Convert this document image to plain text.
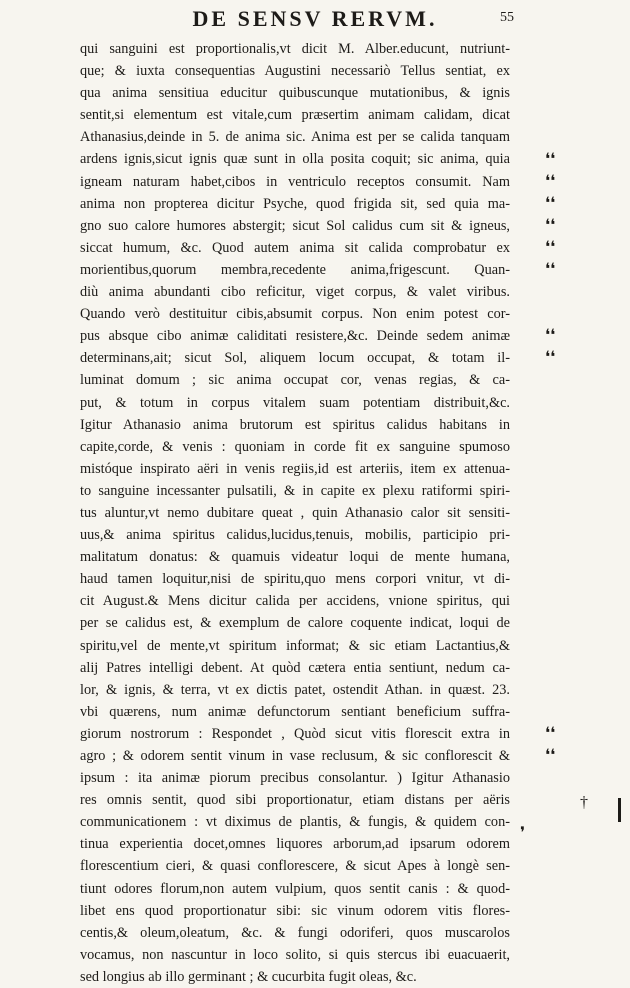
DE SENSV RERVM.	55
qui sanguini est proportionalis,vt dicit M. Alber.educunt, nutriunt-
que; & iuxta consequentias Augustini necessariò Tellus sentiat, ex
qua anima sensitiua educitur quibuscunque mutationibus, & ignis
sentit,si elementum est vitale,cum præsertim animam calidam, dicat
Athanasius,deinde in 5. de anima sic. Anima est per se calida tanquam
ardens ignis,sicut ignis quæ sunt in olla posita coquit; sic anima, quia
igneam naturam habet,cibos in ventriculo receptos consumit. Nam
anima non propterea dicitur Psyche, quod frigida sit, sed quia ma-
gno suo calore humores abstergit; sicut Sol calidus cum sit & igneus,
siccat humum, &c. Quod autem anima sit calida comprobatur ex
morientibus,quorum membra,recedente anima,frigescunt. Quan-
diù anima abundanti cibo reficitur, viget corpus, & valet viribus.
Quando verò destituitur cibis,absumit corpus. Non enim potest cor-
pus absque cibo animæ caliditati resistere,&c. Deinde sedem animæ
determinans,ait; sicut Sol, aliquem locum occupat, & totam il-
luminat domum ; sic anima occupat cor, venas regias, & ca-
put, & totum in corpus vitalem suam potentiam distribuit,&c.
Igitur Athanasio anima brutorum est spiritus calidus habitans in
capite,corde, & venis : quoniam in corde fit ex sanguine spumoso
mistóque inspirato aëri in venis regiis,id est arteriis, item ex attenua-
to sanguine incessanter pulsatili, & in capite ex plexu ratiformi spiri-
tus aluntur,vt nemo dubitare queat , quin Athanasio calor sit sensiti-
uus,& anima spiritus calidus,lucidus,tenuis, mobilis, participio pri-
malitatum donatus: & quamuis videatur loqui de mente humana,
haud tamen loquitur,nisi de spiritu,quo mens corpori vnitur, vt di-
cit August.& Mens dicitur calida per accidens, vnione spiritus, qui
per se calidus est, & exemplum de calore coquente indicat, loqui de
spiritu,vel de mente,vt spiritum informat; & sic etiam Lactantius,&
alij Patres intelligi debent. At quòd cætera entia sentiunt, nedum ca-
lor, & ignis, & terra, vt ex dictis patet, ostendit Athan. in quæst. 23.
vbi quærens, num animæ defunctorum sentiant beneficium suffra-
giorum nostrorum : Respondet , Quòd sicut vitis florescit extra in
agro ; & odorem sentit vinum in vase reclusum, & sic conflorescit &
ipsum : ita animæ piorum precibus consolantur. ) Igitur Athanasio
res omnis sentit, quod sibi proportionatur, etiam distans per aëris
communicationem : vt diximus de plantis, & fungis, & quidem con-
tinua experientia docet,omnes liquores arborum,ad ipsarum odorem
florescentium cieri, & quasi conflorescere, & sicut Apes à longè sen-
tiunt odores florum,non autem vulpium, quos sentit canis : & quod-
libet ens quod proportionatur sibi: sic vinum odorem vitis flores-
centis,& oleum,oleatum, &c. & fungi odoriferi, quos muscarolos
vocamus, non nascuntur in loco solito, si quis stercus ibi euacuaerit,
sed longius ab illo germinant ; & cucurbita fugit oleas, &c.
❛❛
❛❛
❛❛
❛❛
❛❛
❛❛
❛❛
❛❛
❛❛
❛❛
†
❜
